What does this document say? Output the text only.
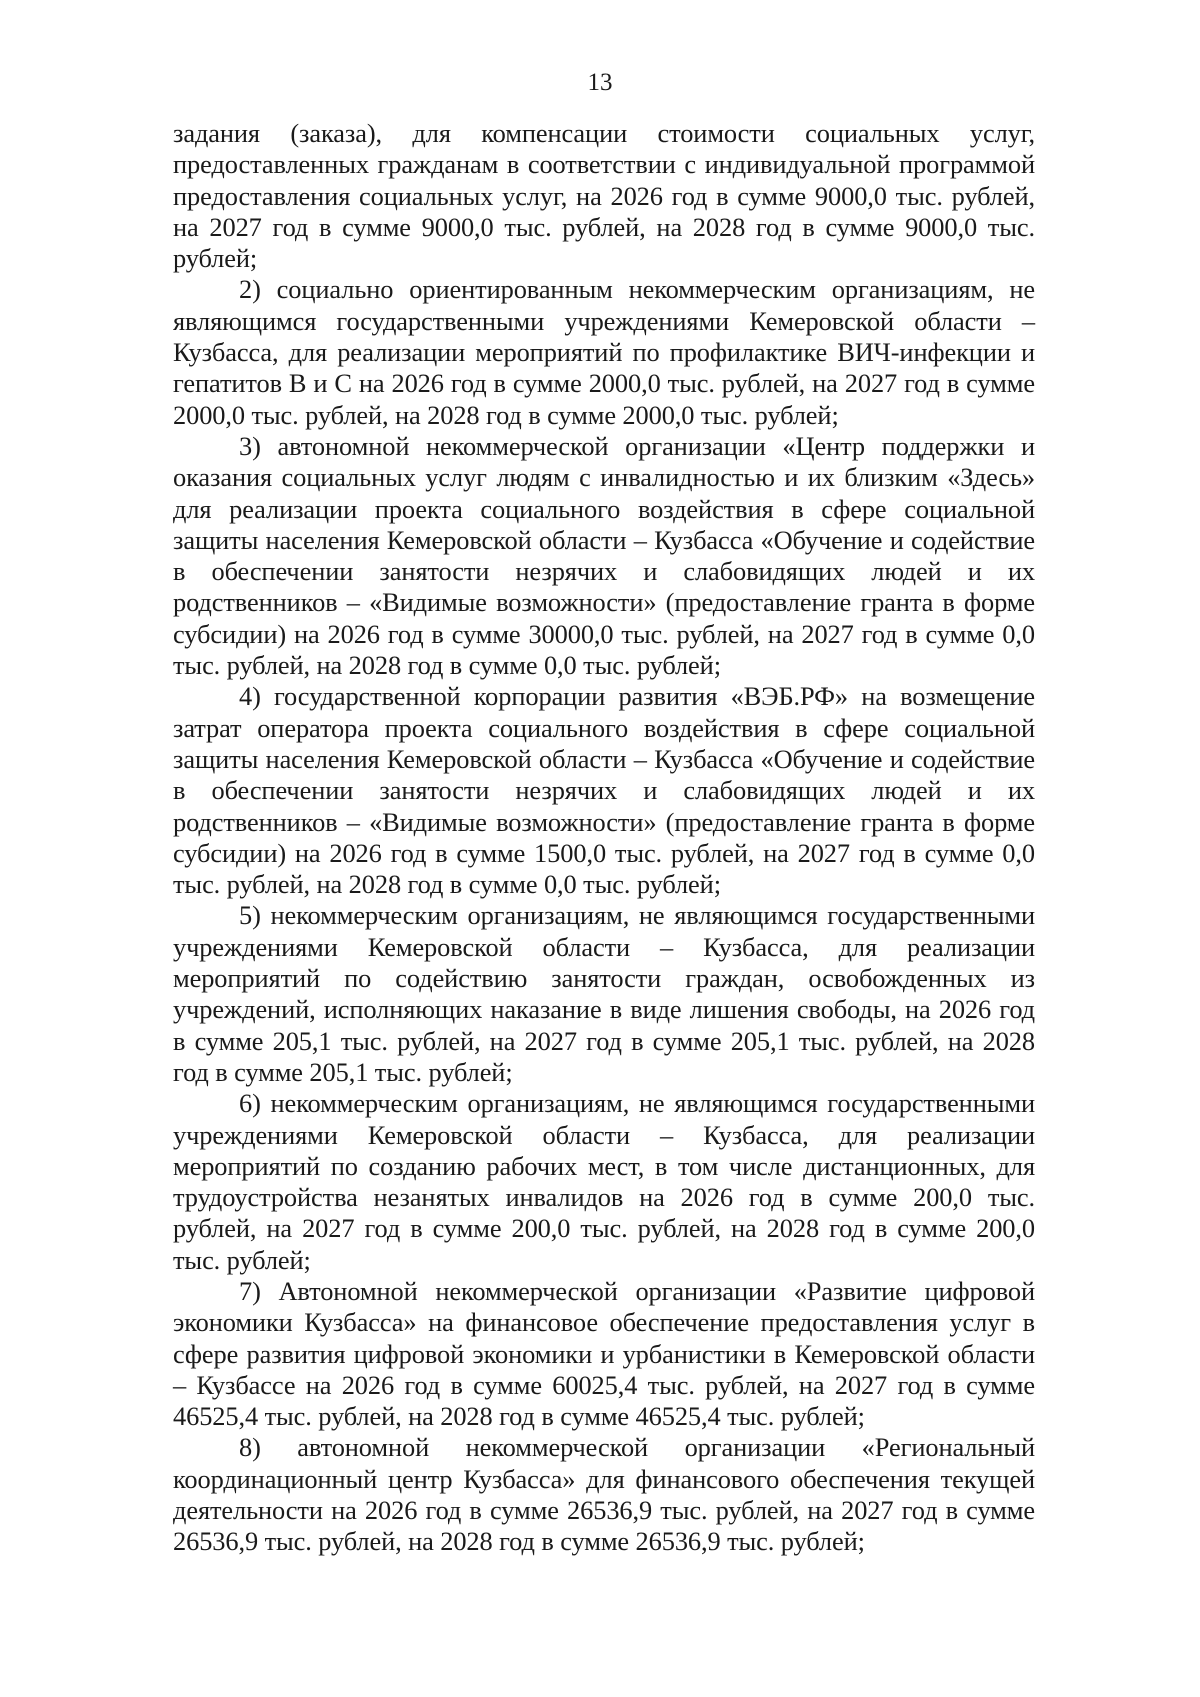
13

задания (заказа), для компенсации стоимости социальных услуг, предоставленных гражданам в соответствии с индивидуальной программой предоставления социальных услуг, на 2026 год в сумме 9000,0 тыс. рублей, на 2027 год в сумме 9000,0 тыс. рублей, на 2028 год в сумме 9000,0 тыс. рублей;

2) социально ориентированным некоммерческим организациям, не являющимся государственными учреждениями Кемеровской области – Кузбасса, для реализации мероприятий по профилактике ВИЧ-инфекции и гепатитов В и С на 2026 год в сумме 2000,0 тыс. рублей, на 2027 год в сумме 2000,0 тыс. рублей, на 2028 год в сумме 2000,0 тыс. рублей;

3) автономной некоммерческой организации «Центр поддержки и оказания социальных услуг людям с инвалидностью и их близким «Здесь» для реализации проекта социального воздействия в сфере социальной защиты населения Кемеровской области – Кузбасса «Обучение и содействие в обеспечении занятости незрячих и слабовидящих людей и их родственников – «Видимые возможности» (предоставление гранта в форме субсидии) на 2026 год в сумме 30000,0 тыс. рублей, на 2027 год в сумме 0,0 тыс. рублей, на 2028 год в сумме 0,0 тыс. рублей;

4) государственной корпорации развития «ВЭБ.РФ» на возмещение затрат оператора проекта социального воздействия в сфере социальной защиты населения Кемеровской области – Кузбасса «Обучение и содействие в обеспечении занятости незрячих и слабовидящих людей и их родственников – «Видимые возможности» (предоставление гранта в форме субсидии) на 2026 год в сумме 1500,0 тыс. рублей, на 2027 год в сумме 0,0 тыс. рублей, на 2028 год в сумме 0,0 тыс. рублей;

5) некоммерческим организациям, не являющимся государственными учреждениями Кемеровской области – Кузбасса, для реализации мероприятий по содействию занятости граждан, освобожденных из учреждений, исполняющих наказание в виде лишения свободы, на 2026 год в сумме 205,1 тыс. рублей, на 2027 год в сумме 205,1 тыс. рублей, на 2028 год в сумме 205,1 тыс. рублей;

6) некоммерческим организациям, не являющимся государственными учреждениями Кемеровской области – Кузбасса, для реализации мероприятий по созданию рабочих мест, в том числе дистанционных, для трудоустройства незанятых инвалидов на 2026 год в сумме 200,0 тыс. рублей, на 2027 год в сумме 200,0 тыс. рублей, на 2028 год в сумме 200,0 тыс. рублей;

7) Автономной некоммерческой организации «Развитие цифровой экономики Кузбасса» на финансовое обеспечение предоставления услуг в сфере развития цифровой экономики и урбанистики в Кемеровской области – Кузбассе на 2026 год в сумме 60025,4 тыс. рублей, на 2027 год в сумме 46525,4 тыс. рублей, на 2028 год в сумме 46525,4 тыс. рублей;

8) автономной некоммерческой организации «Региональный координационный центр Кузбасса» для финансового обеспечения текущей деятельности на 2026 год в сумме 26536,9 тыс. рублей, на 2027 год в сумме 26536,9 тыс. рублей, на 2028 год в сумме 26536,9 тыс. рублей;
